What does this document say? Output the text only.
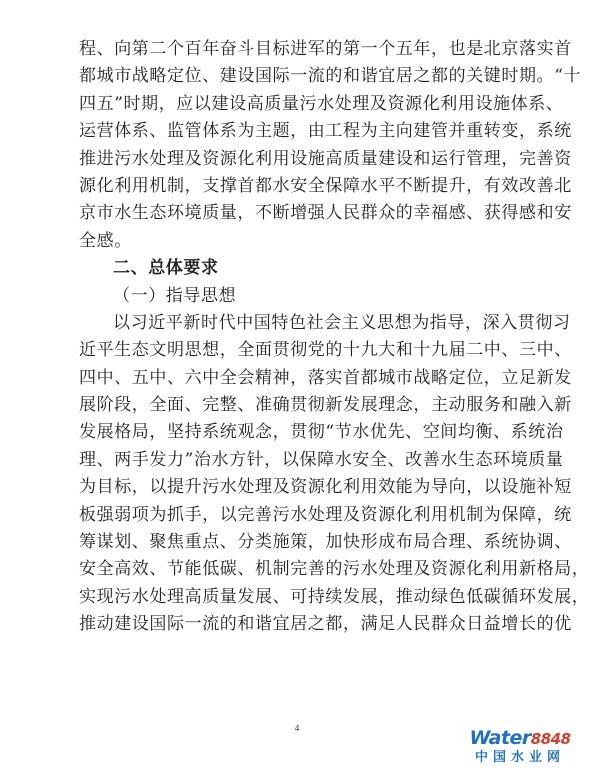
程、向第二个百年奋斗目标进军的第一个五年，也是北京落实首
都城市战略定位、建设国际一流的和谐宜居之都的关键时期。“十
四五”时期，应以建设高质量污水处理及资源化利用设施体系、
运营体系、监管体系为主题，由工程为主向建管并重转变，系统
推进污水处理及资源化利用设施高质量建设和运行管理，完善资
源化利用机制，支撑首都水安全保障水平不断提升，有效改善北
京市水生态环境质量，不断增强人民群众的幸福感、获得感和安
全感。
二、总体要求
（一）指导思想
以习近平新时代中国特色社会主义思想为指导，深入贯彻习
近平生态文明思想，全面贯彻党的十九大和十九届二中、三中、
四中、五中、六中全会精神，落实首都城市战略定位，立足新发
展阶段，全面、完整、准确贯彻新发展理念，主动服务和融入新
发展格局，坚持系统观念，贯彻“节水优先、空间均衡、系统治
理、两手发力”治水方针，以保障水安全、改善水生态环境质量
为目标，以提升污水处理及资源化利用效能为导向，以设施补短
板强弱项为抓手，以完善污水处理及资源化利用机制为保障，统
筹谋划、聚焦重点、分类施策，加快形成布局合理、系统协调、
安全高效、节能低碳、机制完善的污水处理及资源化利用新格局，
实现污水处理高质量发展、可持续发展，推动绿色低碳循环发展，
推动建设国际一流的和谐宜居之都，满足人民群众日益增长的优
4	Water8848
中国水业网
